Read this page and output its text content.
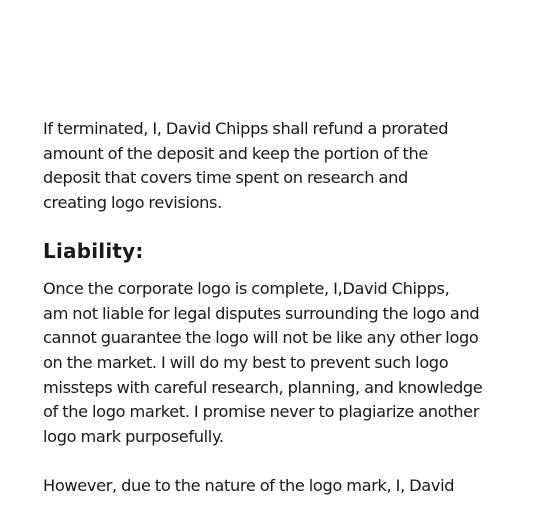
If terminated, I, David Chipps shall refund a prorated
amount of the deposit and keep the portion of the
deposit that covers time spent on research and
creating logo revisions.

Liability:

Once the corporate logo is complete, I,David Chipps,
am not liable for legal disputes surrounding the logo and
cannot guarantee the logo will not be like any other logo
on the market. I will do my best to prevent such logo
missteps with careful research, planning, and knowledge
of the logo market. I promise never to plagiarize another
logo mark purposefully.

However, due to the nature of the logo mark, I, David
